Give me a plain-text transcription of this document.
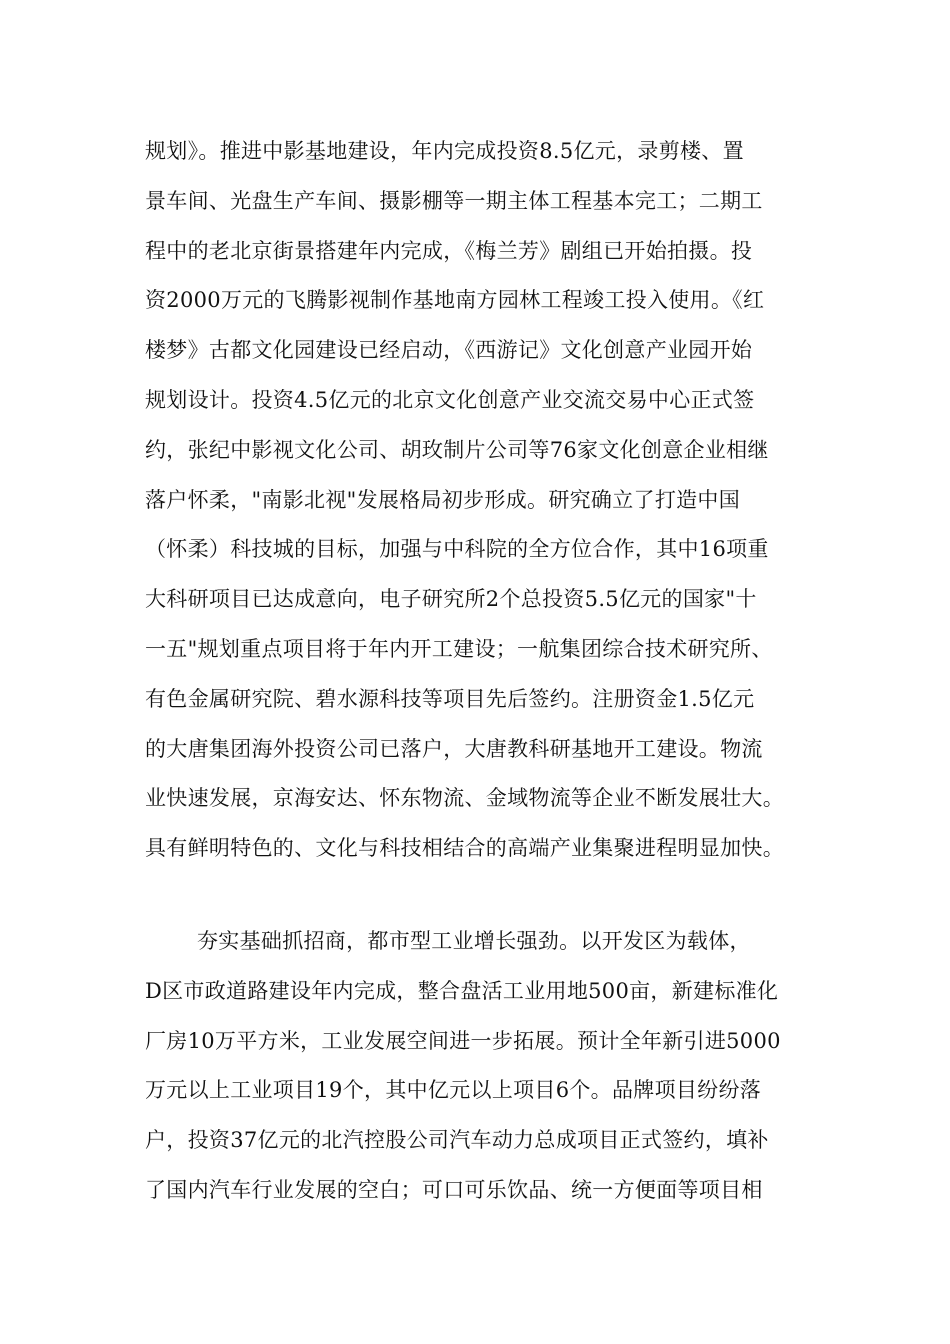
规划》。推进中影基地建设，年内完成投资8.5亿元，录剪楼、置
景车间、光盘生产车间、摄影棚等一期主体工程基本完工；二期工
程中的老北京街景搭建年内完成，《梅兰芳》剧组已开始拍摄。投
资2000万元的飞腾影视制作基地南方园林工程竣工投入使用。《红
楼梦》古都文化园建设已经启动，《西游记》文化创意产业园开始
规划设计。投资4.5亿元的北京文化创意产业交流交易中心正式签
约，张纪中影视文化公司、胡玫制片公司等76家文化创意企业相继
落户怀柔，"南影北视"发展格局初步形成。研究确立了打造中国
（怀柔）科技城的目标，加强与中科院的全方位合作，其中16项重
大科研项目已达成意向，电子研究所2个总投资5.5亿元的国家"十
一五"规划重点项目将于年内开工建设；一航集团综合技术研究所、
有色金属研究院、碧水源科技等项目先后签约。注册资金1.5亿元
的大唐集团海外投资公司已落户，大唐教科研基地开工建设。物流
业快速发展，京海安达、怀东物流、金域物流等企业不断发展壮大。
具有鲜明特色的、文化与科技相结合的高端产业集聚进程明显加快。
夯实基础抓招商，都市型工业增长强劲。以开发区为载体，
D区市政道路建设年内完成，整合盘活工业用地500亩，新建标准化
厂房10万平方米，工业发展空间进一步拓展。预计全年新引进5000
万元以上工业项目19个，其中亿元以上项目6个。品牌项目纷纷落
户，投资37亿元的北汽控股公司汽车动力总成项目正式签约，填补
了国内汽车行业发展的空白；可口可乐饮品、统一方便面等项目相
